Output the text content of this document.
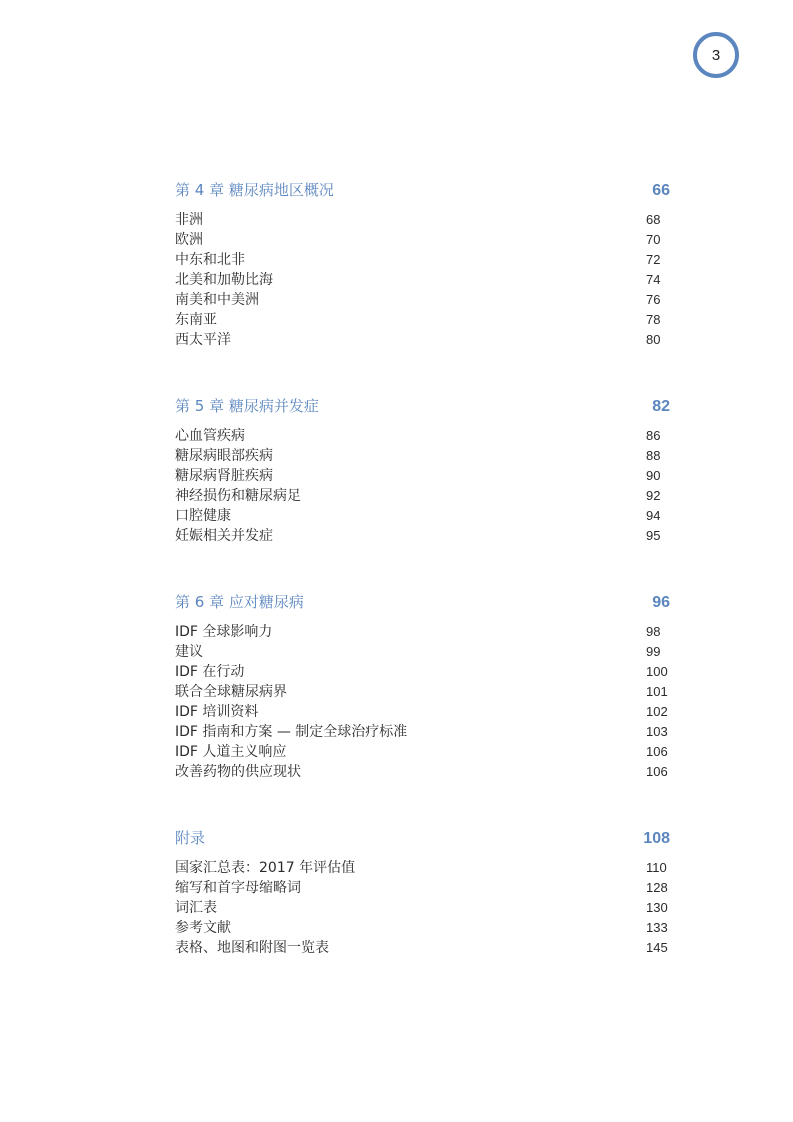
3
第 4 章 糖尿病地区概况	66
非洲	68
欧洲	70
中东和北非	72
北美和加勒比海	74
南美和中美洲	76
东南亚	78
西太平洋	80
第 5 章 糖尿病并发症	82
心血管疾病	86
糖尿病眼部疾病	88
糖尿病肾脏疾病	90
神经损伤和糖尿病足	92
口腔健康	94
妊娠相关并发症	95
第 6 章 应对糖尿病	96
IDF 全球影响力	98
建议	99
IDF 在行动	100
联合全球糖尿病界	101
IDF 培训资料	102
IDF 指南和方案 — 制定全球治疗标准	103
IDF 人道主义响应	106
改善药物的供应现状	106
附录	108
国家汇总表：2017 年评估值	110
缩写和首字母缩略词	128
词汇表	130
参考文献	133
表格、地图和附图一览表	145
